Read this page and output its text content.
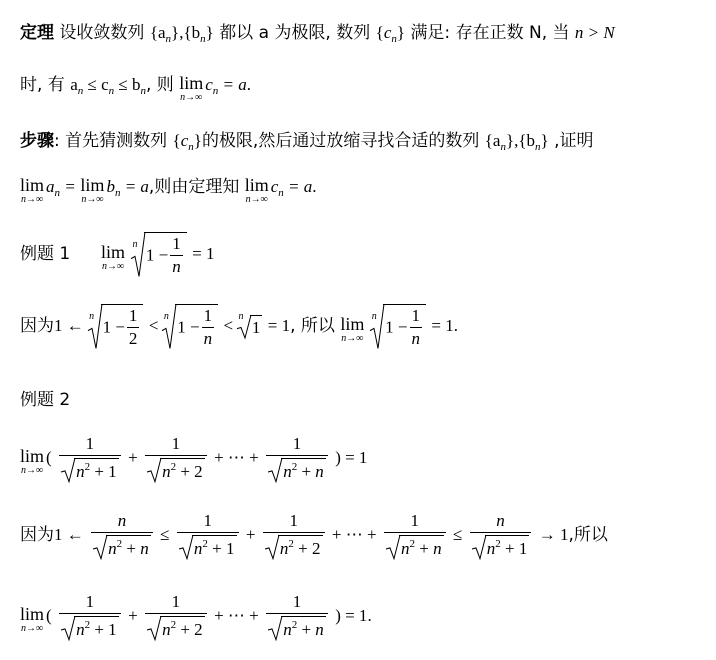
定理 设收敛数列 $\{a_n\},\{b_n\}$ 都以 a 为极限, 数列 $\{c_n\}$ 满足: 存在正数 N, 当 n > N
时, 有 $a_n \le c_n \le b_n$, 则 lim
n→∞
$c_n = a$.
步骤: 首先猜测数列 $\{c_n\}$的极限,然后通过放缩寻找合适的数列 $\{a_n\},\{b_n\}$ ,证明
lim
n→∞
$a_n = \lim$
n→∞
$b_n = a$,则由定理知 lim
n→∞
$c_n = a$.
例题 1 lim
n→∞
$^n$
$1 - \frac{1}{n} = 1$
因为1 ← $^n$
$1 - \frac{1}{2} < ^n$
$1 - \frac{1}{n} < ^n$
1 = 1, 所以 lim
n→∞
$^n$
$1 - \frac{1}{n} = 1$.
例题 2
lim
n→∞
( $\frac{1}{n^2 + 1} + \frac{1}{n^2 + 2}$ + ⋯ + $\frac{1}{n^2 + n}$ ) = 1
因为1 ← $\frac{n}{n^2 + n} \le \frac{1}{n^2 + 1} + \frac{1}{n^2 + 2}$ + ⋯ + $\frac{1}{n^2 + n} \le \frac{n}{n^2 + 1} \to 1$,所以
lim
n→∞
( $\frac{1}{n^2 + 1} + \frac{1}{n^2 + 2}$ + ⋯ + $\frac{1}{n^2 + n}$ ) = 1.
